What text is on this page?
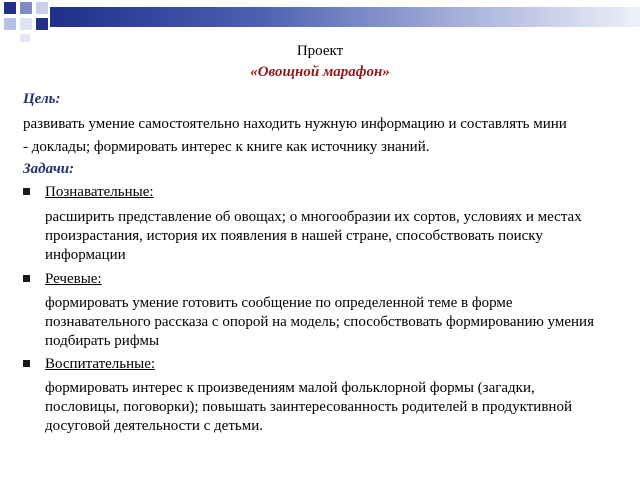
Проект
«Овощной марафон»
Цель:
развивать умение самостоятельно находить нужную информацию и составлять мини
- доклады; формировать интерес к книге как источнику знаний.
Задачи:
Познавательные:
расширить представление об овощах; о многообразии их сортов, условиях и местах произрастания, история их появления в нашей стране, способствовать поиску информации
Речевые:
формировать умение готовить сообщение по определенной теме в форме познавательного рассказа с опорой на модель; способствовать формированию умения подбирать рифмы
Воспитательные:
формировать интерес к произведениям малой фольклорной формы (загадки, пословицы, поговорки); повышать заинтересованность родителей в продуктивной досуговой деятельности с детьми.
